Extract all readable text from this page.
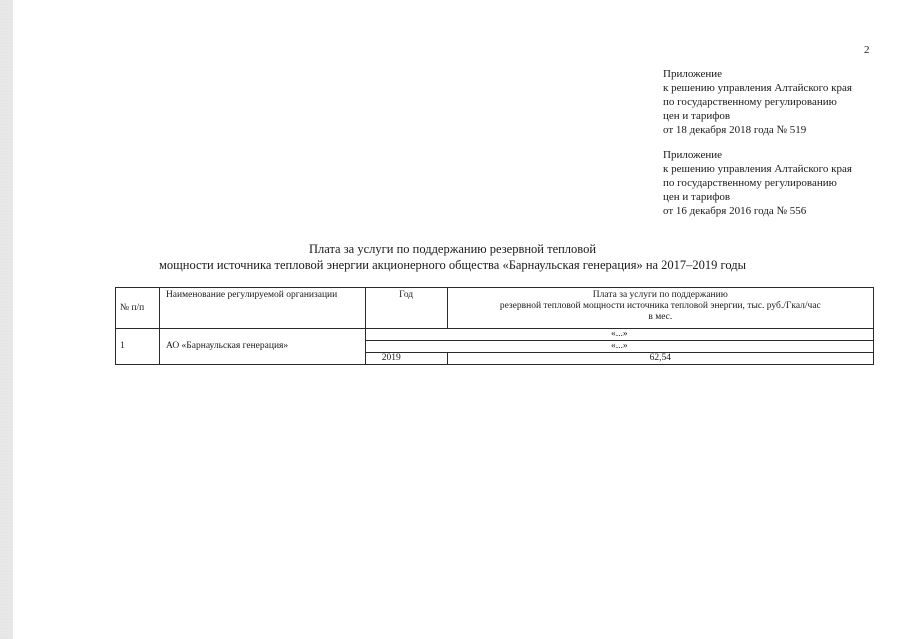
2
Приложение
к решению управления Алтайского края
по государственному регулированию
цен и тарифов
от 18 декабря 2018 года № 519
Приложение
к решению управления Алтайского края
по государственному регулированию
цен и тарифов
от 16 декабря 2016 года № 556
Плата за услуги по поддержанию резервной тепловой
мощности источника тепловой энергии акционерного общества «Барнаульская генерация» на 2017–2019 годы
№ п/п	Наименование регулируемой организации	Год	Плата за услуги по поддержанию
резервной тепловой мощности источника тепловой энергии, тыс. руб./Гкал/час
в мес.

1	АО «Барнаульская генерация»	«...»	
		«...»	
		2019	62,54
